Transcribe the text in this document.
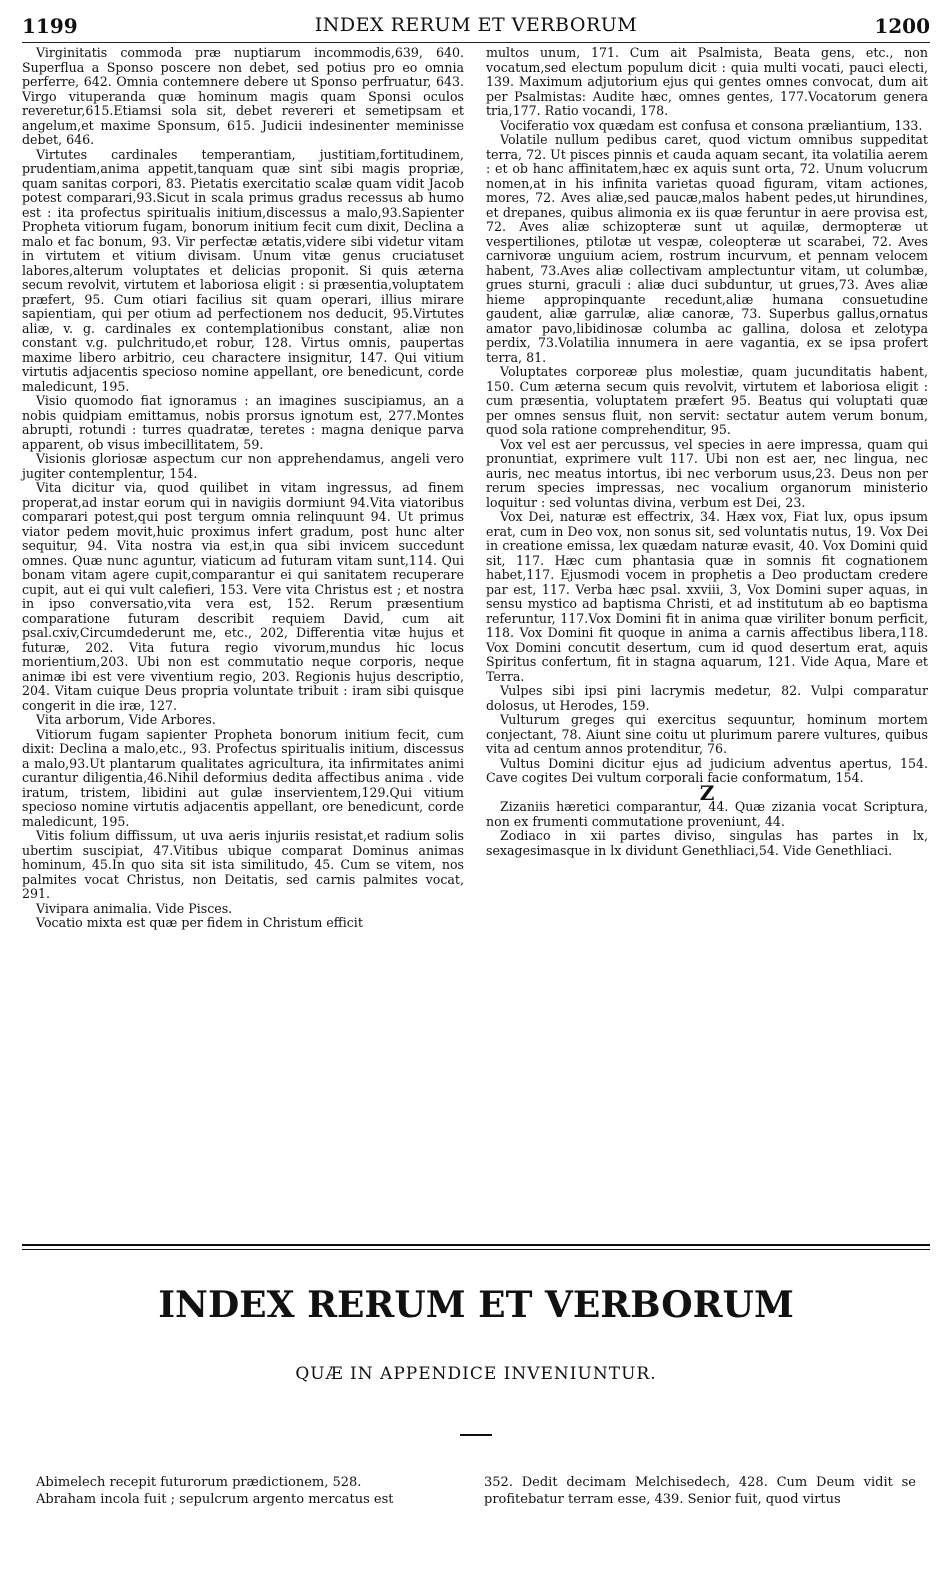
1199	INDEX RERUM ET VERBORUM	1200

Virginitatis commoda præ nuptiarum incommodis,639, 640. Superflua a Sponso poscere non debet, sed potius pro eo omnia perferre, 642. Omnia contemnere debere ut Sponso perfruatur, 643. Virgo vituperanda quæ hominum magis quam Sponsi oculos reveretur,615.Etiamsi sola sit, debet revereri et semetipsam et angelum,et maxime Sponsum, 615. Judicii indesinenter meminisse debet, 646.

Virtutes cardinales temperantiam, justitiam,fortitudinem, prudentiam,anima appetit,tanquam quæ sint sibi magis propriæ, quam sanitas corpori, 83. Pietatis exercitatio scalæ quam vidit Jacob potest comparari,93.Sicut in scala primus gradus recessus ab humo est : ita profectus spiritualis initium,discessus a malo,93.Sapienter Propheta vitiorum fugam, bonorum initium fecit cum dixit, Declina a malo et fac bonum, 93. Vir perfectæ ætatis,videre sibi videtur vitam in virtutem et vitium divisam. Unum vitæ genus cruciatuset labores,alterum voluptates et delicias proponit. Si quis æterna secum revolvit, virtutem et laboriosa eligit : si præsentia,voluptatem præfert, 95. Cum otiari facilius sit quam operari, illius mirare sapientiam, qui per otium ad perfectionem nos deducit, 95.Virtutes aliæ, v. g. cardinales ex contemplationibus constant, aliæ non constant v.g. pulchritudo,et robur, 128. Virtus omnis, paupertas maxime libero arbitrio, ceu charactere insignitur, 147. Qui vitium virtutis adjacentis specioso nomine appellant, ore benedicunt, corde maledicunt, 195.

Visio quomodo fiat ignoramus : an imagines suscipiamus, an a nobis quidpiam emittamus, nobis prorsus ignotum est, 277.Montes abrupti, rotundi : turres quadratæ, teretes : magna denique parva apparent, ob visus imbecillitatem, 59.

Visionis gloriosæ aspectum cur non apprehendamus, angeli vero jugiter contemplentur, 154.

Vita dicitur via, quod quilibet in vitam ingressus, ad finem properat,ad instar eorum qui in navigiis dormiunt 94.Vita viatoribus comparari potest,qui post tergum omnia relinquunt 94. Ut primus viator pedem movit,huic proximus infert gradum, post hunc alter sequitur, 94. Vita nostra via est,in qua sibi invicem succedunt omnes. Quæ nunc aguntur, viaticum ad futuram vitam sunt,114. Qui bonam vitam agere cupit,comparantur ei qui sanitatem recuperare cupit, aut ei qui vult calefieri, 153. Vere vita Christus est ; et nostra in ipso conversatio,vita vera est, 152. Rerum præsentium comparatione futuram describit requiem David, cum ait psal.cxiv,Circumdederunt me, etc., 202, Differentia vitæ hujus et futuræ, 202. Vita futura regio vivorum,mundus hic locus morientium,203. Ubi non est commutatio neque corporis, neque animæ ibi est vere viventium regio, 203. Regionis hujus descriptio, 204. Vitam cuique Deus propria voluntate tribuit : iram sibi quisque congerit in die iræ, 127.

Vita arborum, Vide Arbores.

Vitiorum fugam sapienter Propheta bonorum initium fecit, cum dixit: Declina a malo,etc., 93. Profectus spiritualis initium, discessus a malo,93.Ut plantarum qualitates agricultura, ita infirmitates animi curantur diligentia,46.Nihil deformius dedita affectibus anima . vide iratum, tristem, libidini aut gulæ inservientem,129.Qui vitium specioso nomine virtutis adjacentis appellant, ore benedicunt, corde maledicunt, 195.

Vitis folium diffissum, ut uva aeris injuriis resistat,et radium solis ubertim suscipiat, 47.Vitibus ubique comparat Dominus animas hominum, 45.In quo sita sit ista similitudo, 45. Cum se vitem, nos palmites vocat Christus, non Deitatis, sed carnis palmites vocat, 291.

Vivipara animalia. Vide Pisces.

Vocatio mixta est quæ per fidem in Christum efficit

multos unum, 171. Cum ait Psalmista, Beata gens, etc., non vocatum,sed electum populum dicit : quia multi vocati, pauci electi, 139. Maximum adjutorium ejus qui gentes omnes convocat, dum ait per Psalmistas: Audite hæc, omnes gentes, 177.Vocatorum genera tria,177. Ratio vocandi, 178.

Vociferatio vox quædam est confusa et consona præliantium, 133.

Volatile nullum pedibus caret, quod victum omnibus suppeditat terra, 72. Ut pisces pinnis et cauda aquam secant, ita volatilia aerem : et ob hanc affinitatem,hæc ex aquis sunt orta, 72. Unum volucrum nomen,at in his infinita varietas quoad figuram, vitam actiones, mores, 72. Aves aliæ,sed paucæ,malos habent pedes,ut hirundines, et drepanes, quibus alimonia ex iis quæ feruntur in aere provisa est, 72. Aves aliæ schizopteræ sunt ut aquilæ, dermopteræ ut vespertiliones, ptilotæ ut vespæ, coleopteræ ut scarabei, 72. Aves carnivoræ unguium aciem, rostrum incurvum, et pennam velocem habent, 73.Aves aliæ collectivam amplectuntur vitam, ut columbæ, grues sturni, graculi : aliæ duci subduntur, ut grues,73. Aves aliæ hieme appropinquante recedunt,aliæ humana consuetudine gaudent, aliæ garrulæ, aliæ canoræ, 73. Superbus gallus,ornatus amator pavo,libidinosæ columba ac gallina, dolosa et zelotypa perdix, 73.Volatilia innumera in aere vagantia, ex se ipsa profert terra, 81.

Voluptates corporeæ plus molestiæ, quam jucunditatis habent, 150. Cum æterna secum quis revolvit, virtutem et laboriosa eligit : cum præsentia, voluptatem præfert 95. Beatus qui voluptati quæ per omnes sensus fluit, non servit: sectatur autem verum bonum, quod sola ratione comprehenditur, 95.

Vox vel est aer percussus, vel species in aere impressa, quam qui pronuntiat, exprimere vult 117. Ubi non est aer, nec lingua, nec auris, nec meatus intortus, ibi nec verborum usus,23. Deus non per rerum species impressas, nec vocalium organorum ministerio loquitur : sed voluntas divina, verbum est Dei, 23.

Vox Dei, naturæ est effectrix, 34. Hæx vox, Fiat lux, opus ipsum erat, cum in Deo vox, non sonus sit, sed voluntatis nutus, 19. Vox Dei in creatione emissa, lex quædam naturæ evasit, 40. Vox Domini quid sit, 117. Hæc cum phantasia quæ in somnis fit cognationem habet,117. Ejusmodi vocem in prophetis a Deo productam credere par est, 117. Verba hæc psal. xxviii, 3, Vox Domini super aquas, in sensu mystico ad baptisma Christi, et ad institutum ab eo baptisma referuntur, 117.Vox Domini fit in anima quæ viriliter bonum perficit, 118. Vox Domini fit quoque in anima a carnis affectibus libera,118. Vox Domini concutit desertum, cum id quod desertum erat, aquis Spiritus confertum, fit in stagna aquarum, 121. Vide Aqua, Mare et Terra.

Vulpes sibi ipsi pini lacrymis medetur, 82. Vulpi comparatur dolosus, ut Herodes, 159.

Vulturum greges qui exercitus sequuntur, hominum mortem conjectant, 78. Aiunt sine coitu ut plurimum parere vultures, quibus vita ad centum annos protenditur, 76.

Vultus Domini dicitur ejus ad judicium adventus apertus, 154. Cave cogites Dei vultum corporali facie conformatum, 154.

Z

Zizaniis hæretici comparantur, 44. Quæ zizania vocat Scriptura, non ex frumenti commutatione proveniunt, 44.

Zodiaco in xii partes diviso, singulas has partes in lx, sexagesimasque in lx dividunt Genethliaci,54. Vide Genethliaci.

INDEX RERUM ET VERBORUM
QUÆ IN APPENDICE INVENIUNTUR.

Abimelech recepit futurorum prædictionem, 528.

Abraham incola fuit ; sepulcrum argento mercatus est

352. Dedit decimam Melchisedech, 428. Cum Deum vidit se profitebatur terram esse, 439. Senior fuit, quod virtus
